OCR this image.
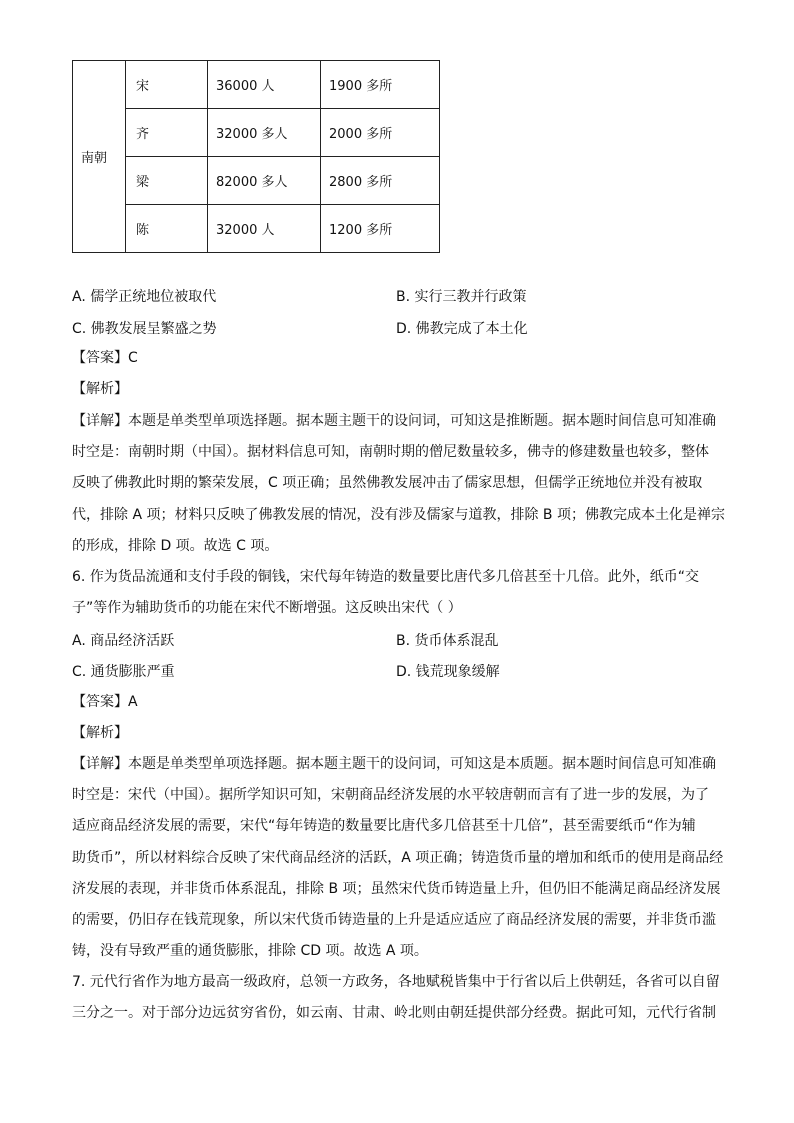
南朝	宋	36000 人	1900 多所
	齐	32000 多人	2000 多所
	梁	82000 多人	2800 多所
	陈	32000 人	1200 多所
A. 儒学正统地位被取代	B. 实行三教并行政策
C. 佛教发展呈繁盛之势	D. 佛教完成了本土化
【答案】C
【解析】
【详解】本题是单类型单项选择题。据本题主题干的设问词，可知这是推断题。据本题时间信息可知准确
时空是：南朝时期（中国）。据材料信息可知，南朝时期的僧尼数量较多，佛寺的修建数量也较多，整体
反映了佛教此时期的繁荣发展，C 项正确；虽然佛教发展冲击了儒家思想，但儒学正统地位并没有被取
代，排除 A 项；材料只反映了佛教发展的情况，没有涉及儒家与道教，排除 B 项；佛教完成本土化是禅宗
的形成，排除 D 项。故选 C 项。
6. 作为货品流通和支付手段的铜钱，宋代每年铸造的数量要比唐代多几倍甚至十几倍。此外，纸币“交
子”等作为辅助货币的功能在宋代不断增强。这反映出宋代（ ）
A. 商品经济活跃	B. 货币体系混乱
C. 通货膨胀严重	D. 钱荒现象缓解
【答案】A
【解析】
【详解】本题是单类型单项选择题。据本题主题干的设问词，可知这是本质题。据本题时间信息可知准确
时空是：宋代（中国）。据所学知识可知，宋朝商品经济发展的水平较唐朝而言有了进一步的发展，为了
适应商品经济发展的需要，宋代“每年铸造的数量要比唐代多几倍甚至十几倍”，甚至需要纸币“作为辅
助货币”，所以材料综合反映了宋代商品经济的活跃，A 项正确；铸造货币量的增加和纸币的使用是商品经
济发展的表现，并非货币体系混乱，排除 B 项；虽然宋代货币铸造量上升，但仍旧不能满足商品经济发展
的需要，仍旧存在钱荒现象，所以宋代货币铸造量的上升是适应适应了商品经济发展的需要，并非货币滥
铸，没有导致严重的通货膨胀，排除 CD 项。故选 A 项。
7. 元代行省作为地方最高一级政府，总领一方政务，各地赋税皆集中于行省以后上供朝廷，各省可以自留
三分之一。对于部分边远贫穷省份，如云南、甘肃、岭北则由朝廷提供部分经费。据此可知，元代行省制
